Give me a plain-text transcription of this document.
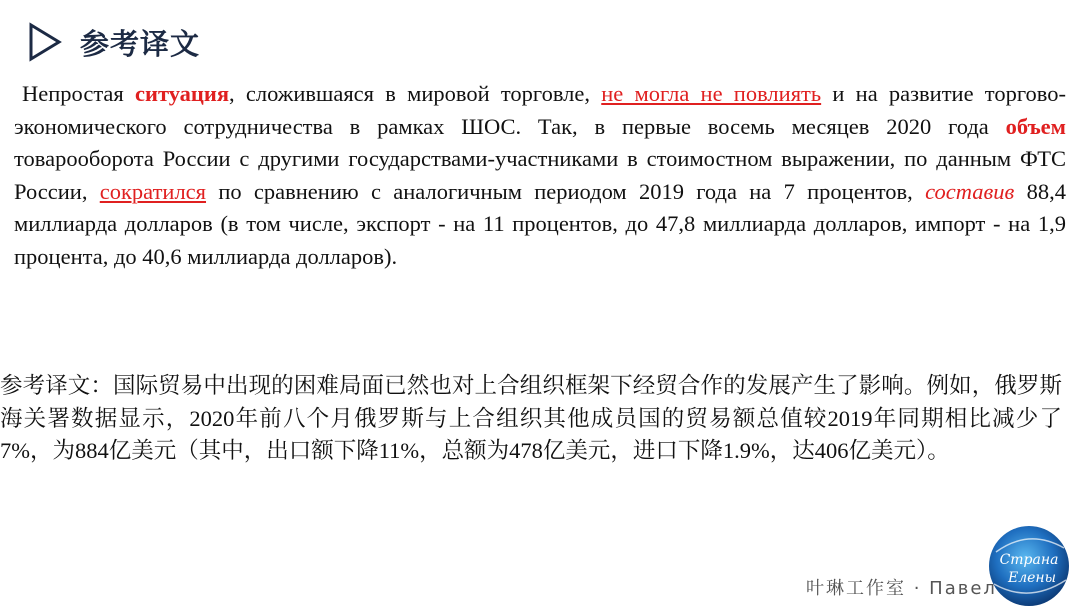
参考译文
Непростая ситуация, сложившаяся в мировой торговле, не могла не повлиять и на развитие торгово-экономического сотрудничества в рамках ШОС. Так, в первые восемь месяцев 2020 года объем товарооборота России с другими государствами-участниками в стоимостном выражении, по данным ФТС России, сократился по сравнению с аналогичным периодом 2019 года на 7 процентов, составив 88,4 миллиарда долларов (в том числе, экспорт - на 11 процентов, до 47,8 миллиарда долларов, импорт - на 1,9 процента, до 40,6 миллиарда долларов).
参考译文：国际贸易中出现的困难局面已然也对上合组织框架下经贸合作的发展产生了影响。例如，俄罗斯海关署数据显示，2020年前八个月俄罗斯与上合组织其他成员国的贸易额总值较2019年同期相比减少了7%，为884亿美元（其中，出口额下降11%，总额为478亿美元，进口下降1.9%，达406亿美元）。
叶琳工作室 · Павел
Страна
Елены
